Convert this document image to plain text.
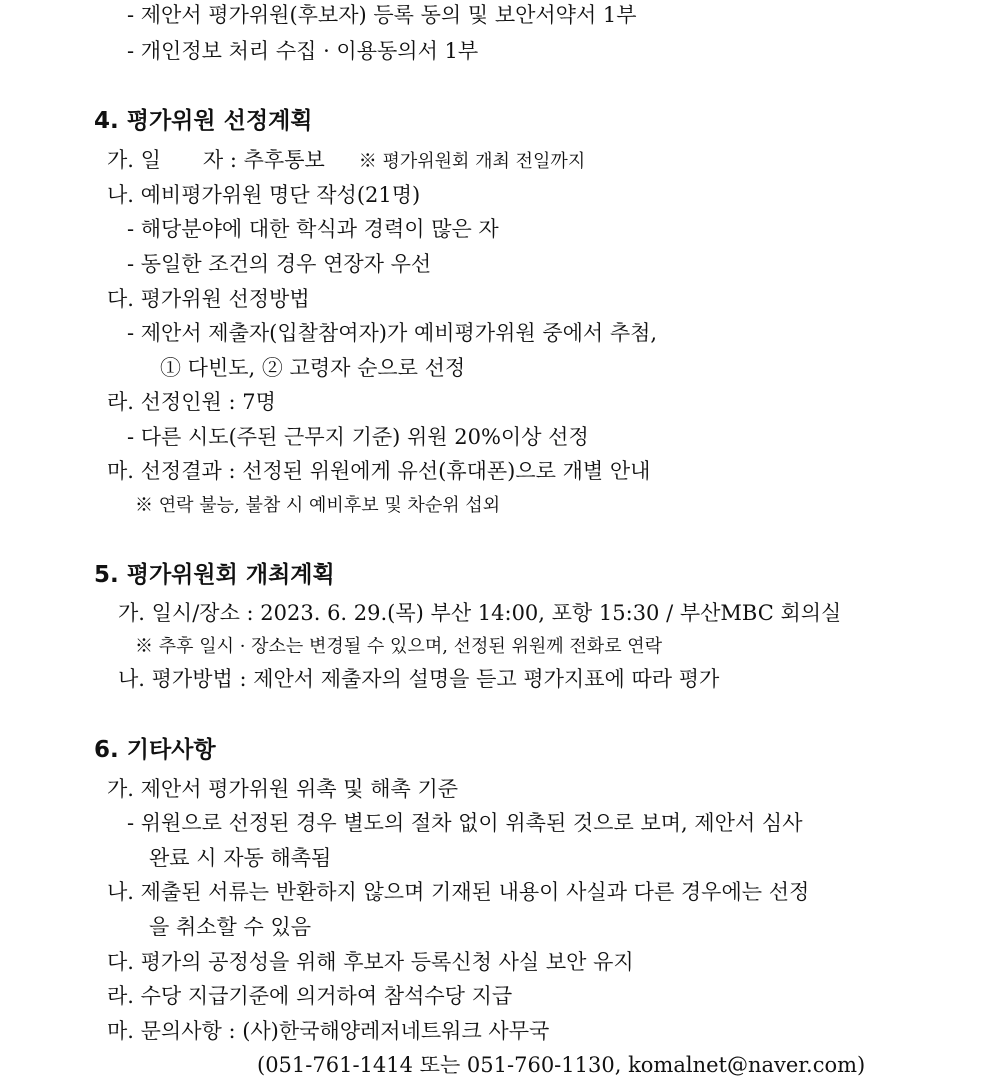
- 제안서 평가위원(후보자) 등록 동의 및 보안서약서 1부
- 개인정보 처리 수집 · 이용동의서 1부
4. 평가위원 선정계획
가. 일　　자 : 추후통보 ※ 평가위원회 개최 전일까지
나. 예비평가위원 명단 작성(21명)
- 해당분야에 대한 학식과 경력이 많은 자
- 동일한 조건의 경우 연장자 우선
다. 평가위원 선정방법
- 제안서 제출자(입찰참여자)가 예비평가위원 중에서 추첨,
① 다빈도, ② 고령자 순으로 선정
라. 선정인원 : 7명
- 다른 시도(주된 근무지 기준) 위원 20%이상 선정
마. 선정결과 : 선정된 위원에게 유선(휴대폰)으로 개별 안내
※ 연락 불능, 불참 시 예비후보 및 차순위 섭외
5. 평가위원회 개최계획
가. 일시/장소 : 2023. 6. 29.(목) 부산 14:00, 포항 15:30 / 부산MBC 회의실
※ 추후 일시 · 장소는 변경될 수 있으며, 선정된 위원께 전화로 연락
나. 평가방법 : 제안서 제출자의 설명을 듣고 평가지표에 따라 평가
6. 기타사항
가. 제안서 평가위원 위촉 및 해촉 기준
- 위원으로 선정된 경우 별도의 절차 없이 위촉된 것으로 보며, 제안서 심사
완료 시 자동 해촉됨
나. 제출된 서류는 반환하지 않으며 기재된 내용이 사실과 다른 경우에는 선정
을 취소할 수 있음
다. 평가의 공정성을 위해 후보자 등록신청 사실 보안 유지
라. 수당 지급기준에 의거하여 참석수당 지급
마. 문의사항 : (사)한국해양레저네트워크 사무국
(051-761-1414 또는 051-760-1130, komalnet@naver.com)
